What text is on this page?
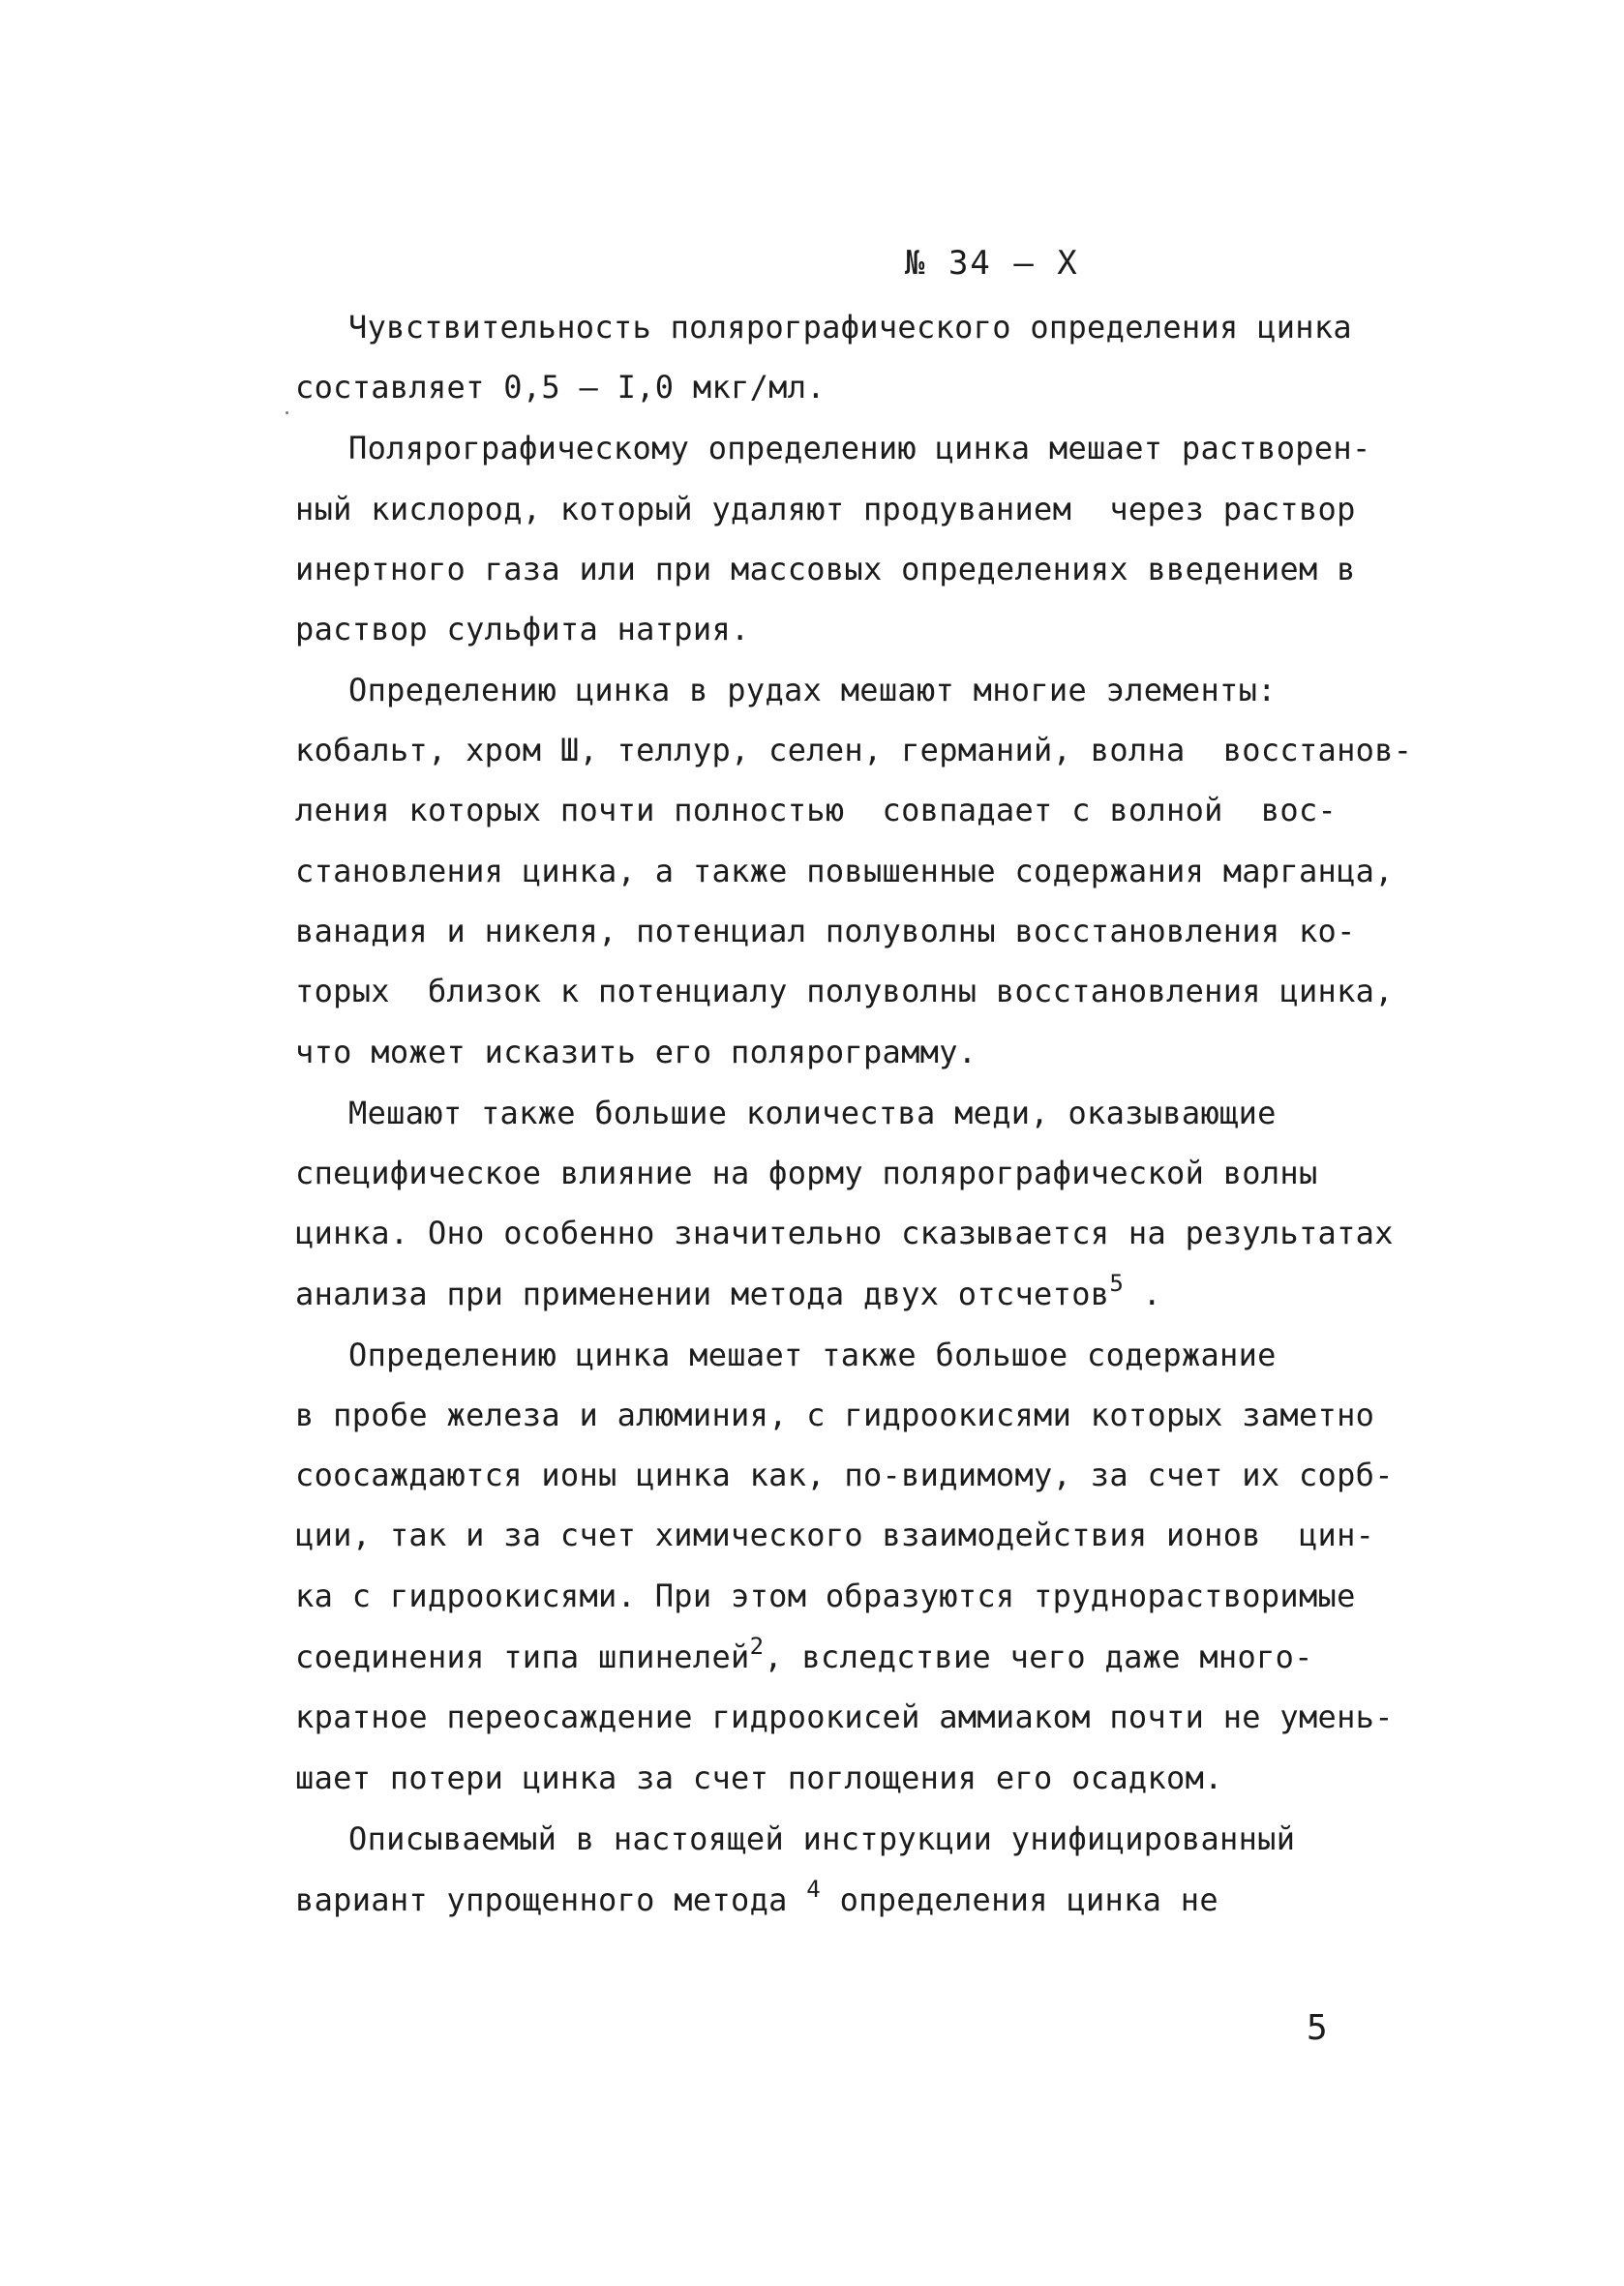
№ 34 – Х
Чувствительность полярографического определения цинка
составляет 0,5 – I,0 мкг/мл.
Полярографическому определению цинка мешает растворен-
ный кислород, который удаляют продуванием  через раствор
инертного газа или при массовых определениях введением в
раствор сульфита натрия.
Определению цинка в рудах мешают многие элементы:
кобальт, хром Ш, теллур, селен, германий, волна  восстанов-
ления которых почти полностью  совпадает с волной  вос-
становления цинка, а также повышенные содержания марганца,
ванадия и никеля, потенциал полуволны восстановления ко-
торых  близок к потенциалу полуволны восстановления цинка,
что может исказить его полярограмму.
Мешают также большие количества меди, оказывающие
специфическое влияние на форму полярографической волны
цинка. Оно особенно значительно сказывается на результатах
анализа при применении метода двух отсчетов$^5$ .
Определению цинка мешает также большое содержание
в пробе железа и алюминия, с гидроокисями которых заметно
соосаждаются ионы цинка как, по-видимому, за счет их сорб-
ции, так и за счет химического взаимодействия ионов  цин-
ка с гидроокисями. При этом образуются труднорастворимые
соединения типа шпинелей$^2$, вследствие чего даже много-
кратное переосаждение гидроокисей аммиаком почти не умень-
шает потери цинка за счет поглощения его осадком.
Описываемый в настоящей инструкции унифицированный
вариант упрощенного метода $^4$ определения цинка не
5
